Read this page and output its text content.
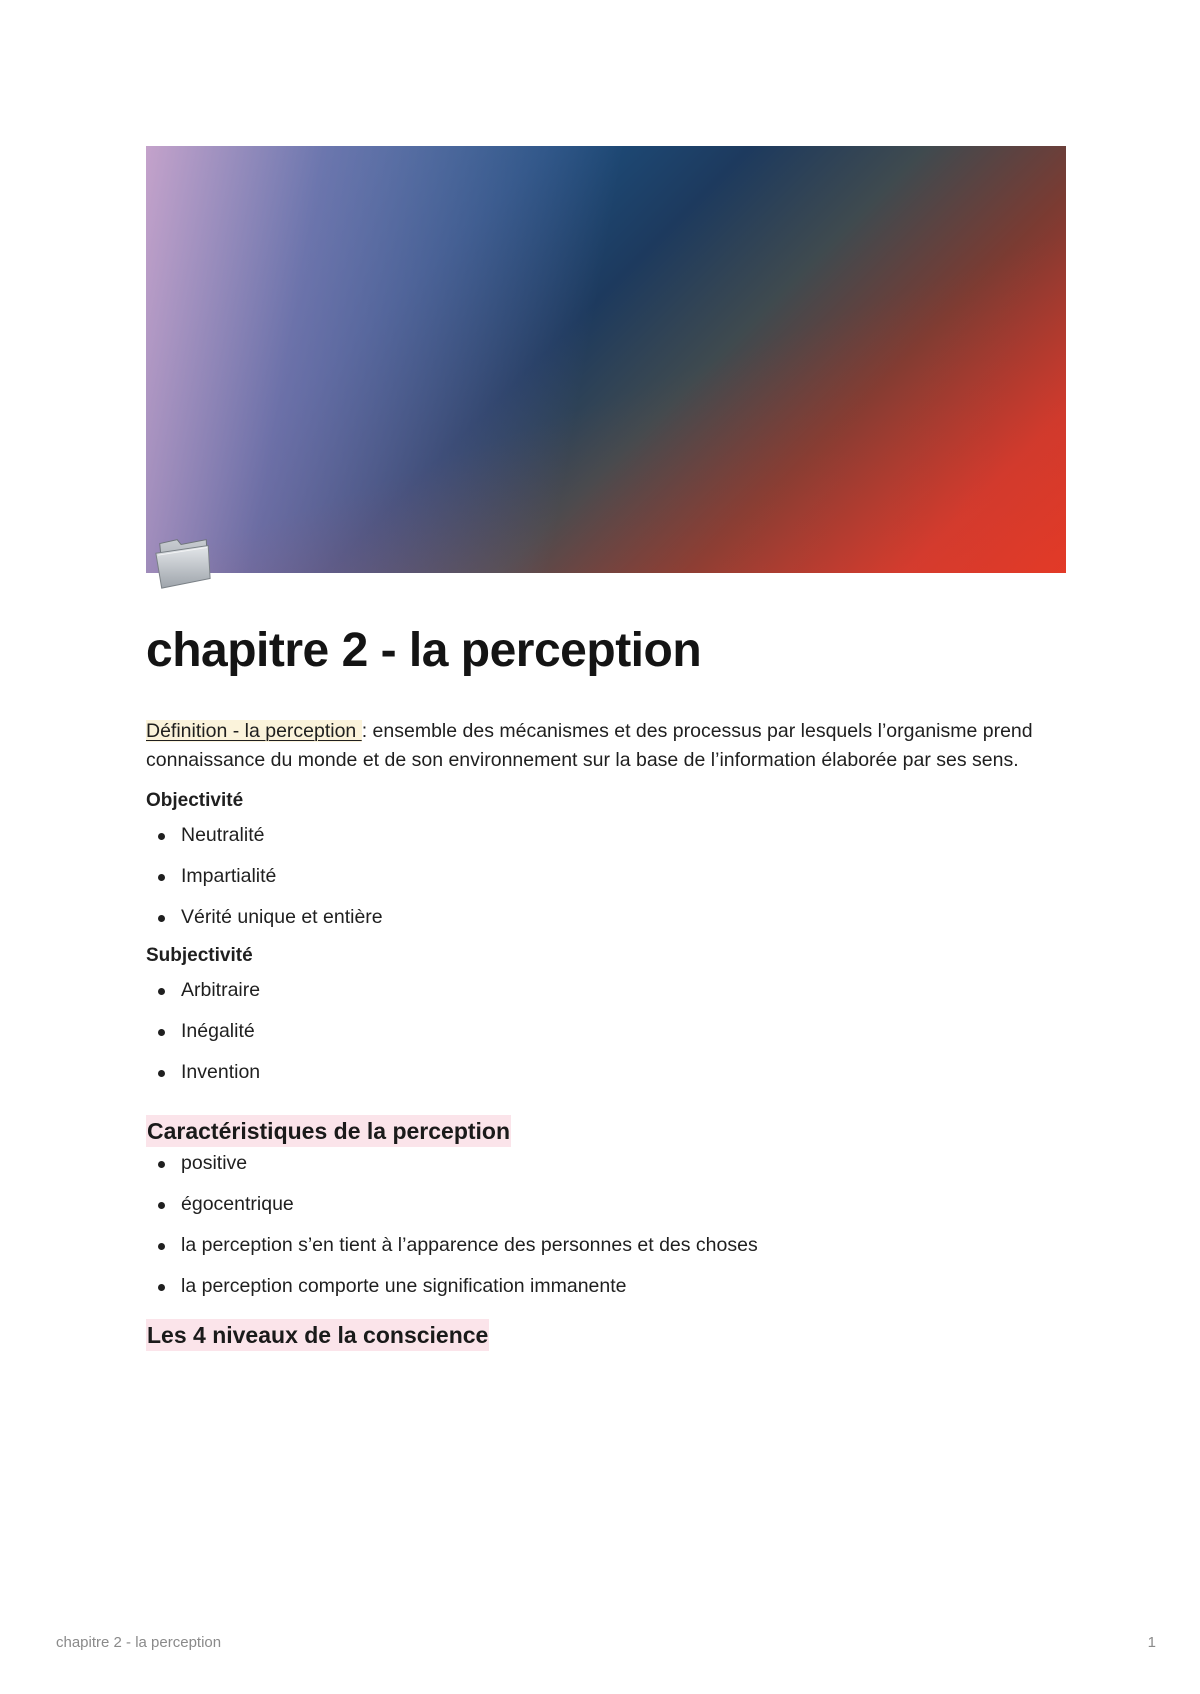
chapitre 2 - la perception

Définition - la perception : ensemble des mécanismes et des processus par lesquels l’organisme prend connaissance du monde et de son environnement sur la base de l’information élaborée par ses sens.

Objectivité
Neutralité
Impartialité
Vérité unique et entière
Subjectivité
Arbitraire
Inégalité
Invention
Caractéristiques de la perception
positive
égocentrique
la perception s’en tient à l’apparence des personnes et des choses
la perception comporte une signification immanente
Les 4 niveaux de la conscience
chapitre 2 - la perception	1
